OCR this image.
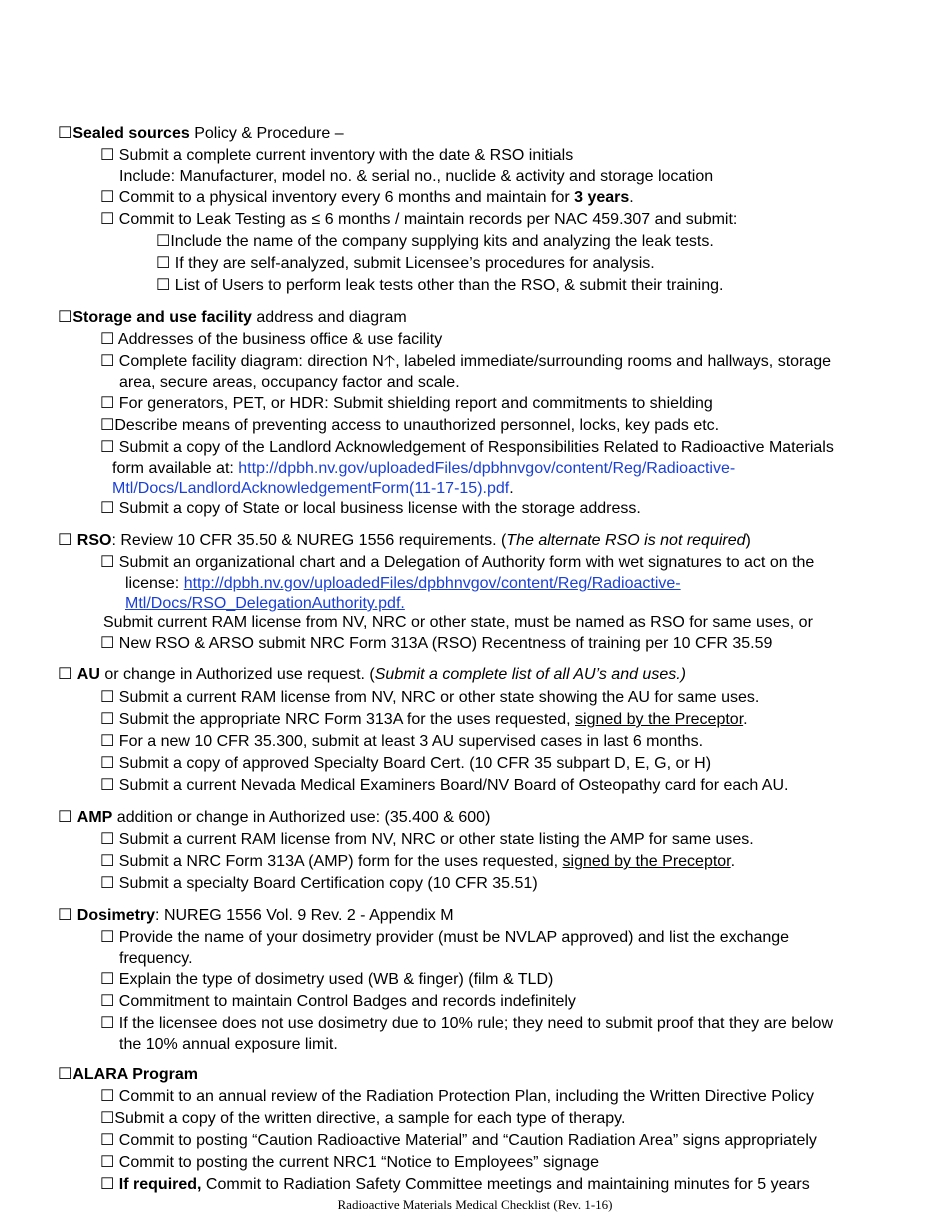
☐Sealed sources Policy & Procedure –
☐ Submit a complete current inventory with the date & RSO initials
Include: Manufacturer, model no. & serial no., nuclide & activity and storage location
☐ Commit to a physical inventory every 6 months and maintain for 3 years.
☐ Commit to Leak Testing as ≤ 6 months / maintain records per NAC 459.307 and submit:
☐Include the name of the company supplying kits and analyzing the leak tests.
☐ If they are self-analyzed, submit Licensee’s procedures for analysis.
☐ List of Users to perform leak tests other than the RSO, & submit their training.
☐Storage and use facility address and diagram
☐ Addresses of the business office & use facility
☐ Complete facility diagram: direction N🡡, labeled immediate/surrounding rooms and hallways, storage
area, secure areas, occupancy factor and scale.
☐ For generators, PET, or HDR: Submit shielding report and commitments to shielding
☐Describe means of preventing access to unauthorized personnel, locks, key pads etc.
☐ Submit a copy of the Landlord Acknowledgement of Responsibilities Related to Radioactive Materials
form available at: http://dpbh.nv.gov/uploadedFiles/dpbhnvgov/content/Reg/Radioactive-
Mtl/Docs/LandlordAcknowledgementForm(11-17-15).pdf.
☐ Submit a copy of State or local business license with the storage address.
☐ RSO: Review 10 CFR 35.50 & NUREG 1556 requirements. (The alternate RSO is not required)
☐ Submit an organizational chart and a Delegation of Authority form with wet signatures to act on the
license: http://dpbh.nv.gov/uploadedFiles/dpbhnvgov/content/Reg/Radioactive-
Mtl/Docs/RSO_DelegationAuthority.pdf.
Submit current RAM license from NV, NRC or other state, must be named as RSO for same uses, or
☐ New RSO & ARSO submit NRC Form 313A (RSO) Recentness of training per 10 CFR 35.59
☐ AU or change in Authorized use request. (Submit a complete list of all AU’s and uses.)
☐ Submit a current RAM license from NV, NRC or other state showing the AU for same uses.
☐ Submit the appropriate NRC Form 313A for the uses requested, signed by the Preceptor.
☐ For a new 10 CFR 35.300, submit at least 3 AU supervised cases in last 6 months.
☐ Submit a copy of approved Specialty Board Cert. (10 CFR 35 subpart D, E, G, or H)
☐ Submit a current Nevada Medical Examiners Board/NV Board of Osteopathy card for each AU.
☐ AMP addition or change in Authorized use: (35.400 & 600)
☐ Submit a current RAM license from NV, NRC or other state listing the AMP for same uses.
☐ Submit a NRC Form 313A (AMP) form for the uses requested, signed by the Preceptor.
☐ Submit a specialty Board Certification copy (10 CFR 35.51)
☐ Dosimetry: NUREG 1556 Vol. 9 Rev. 2 - Appendix M
☐ Provide the name of your dosimetry provider (must be NVLAP approved) and list the exchange
frequency.
☐ Explain the type of dosimetry used (WB & finger) (film & TLD)
☐ Commitment to maintain Control Badges and records indefinitely
☐ If the licensee does not use dosimetry due to 10% rule; they need to submit proof that they are below
the 10% annual exposure limit.
☐ALARA Program
☐ Commit to an annual review of the Radiation Protection Plan, including the Written Directive Policy
☐Submit a copy of the written directive, a sample for each type of therapy.
☐ Commit to posting “Caution Radioactive Material” and “Caution Radiation Area” signs appropriately
☐ Commit to posting the current NRC1 “Notice to Employees” signage
☐ If required, Commit to Radiation Safety Committee meetings and maintaining minutes for 5 years
Radioactive Materials Medical Checklist (Rev. 1-16)
